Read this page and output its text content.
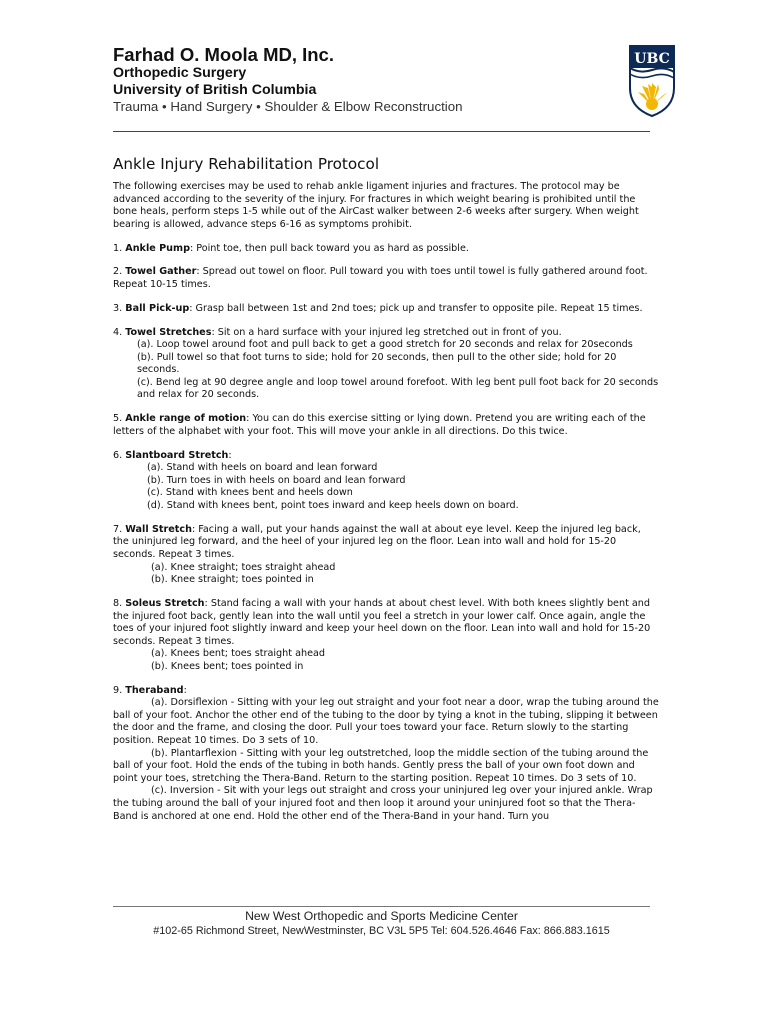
Farhad O. Moola MD, Inc.
Orthopedic Surgery
University of British Columbia
Trauma • Hand Surgery • Shoulder & Elbow Reconstruction
UBC
Ankle Injury Rehabilitation Protocol

The following exercises may be used to rehab ankle ligament injuries and fractures. The protocol may be advanced according to the severity of the injury. For fractures in which weight bearing is prohibited until the bone heals, perform steps 1-5 while out of the AirCast walker between 2-6 weeks after surgery. When weight bearing is allowed, advance steps 6-16 as symptoms prohibit.

1. Ankle Pump: Point toe, then pull back toward you as hard as possible.

2. Towel Gather: Spread out towel on floor. Pull toward you with toes until towel is fully gathered around foot. Repeat 10-15 times.

3. Ball Pick-up: Grasp ball between 1st and 2nd toes; pick up and transfer to opposite pile. Repeat 15 times.

4. Towel Stretches: Sit on a hard surface with your injured leg stretched out in front of you.
(a). Loop towel around foot and pull back to get a good stretch for 20 seconds and relax for 20seconds
(b). Pull towel so that foot turns to side; hold for 20 seconds, then pull to the other side; hold for 20 seconds.

(c). Bend leg at 90 degree angle and loop towel around forefoot. With leg bent pull foot back for 20 seconds and relax for 20 seconds.

5. Ankle range of motion: You can do this exercise sitting or lying down. Pretend you are writing each of the letters of the alphabet with your foot. This will move your ankle in all directions. Do this twice.

6. Slantboard Stretch:
(a). Stand with heels on board and lean forward
(b). Turn toes in with heels on board and lean forward
(c). Stand with knees bent and heels down

(d). Stand with knees bent, point toes inward and keep heels down on board.

7. Wall Stretch: Facing a wall, put your hands against the wall at about eye level. Keep the injured leg back, the uninjured leg forward, and the heel of your injured leg on the floor. Lean into wall and hold for 15-20 seconds. Repeat 3 times.
(a). Knee straight; toes straight ahead

(b). Knee straight; toes pointed in

8. Soleus Stretch: Stand facing a wall with your hands at about chest level. With both knees slightly bent and the injured foot back, gently lean into the wall until you feel a stretch in your lower calf. Once again, angle the toes of your injured foot slightly inward and keep your heel down on the floor. Lean into wall and hold for 15-20 seconds. Repeat 3 times.
(a). Knees bent; toes straight ahead

(b). Knees bent; toes pointed in

9. Theraband:
(a). Dorsiflexion - Sitting with your leg out straight and your foot near a door, wrap the tubing around the ball of your foot. Anchor the other end of the tubing to the door by tying a knot in the tubing, slipping it between the door and the frame, and closing the door. Pull your toes toward your face. Return slowly to the starting position. Repeat 10 times. Do 3 sets of 10.
(b). Plantarflexion - Sitting with your leg outstretched, loop the middle section of the tubing around the ball of your foot. Hold the ends of the tubing in both hands. Gently press the ball of your own foot down and point your toes, stretching the Thera-Band. Return to the starting position. Repeat 10 times. Do 3 sets of 10.
(c). Inversion - Sit with your legs out straight and cross your uninjured leg over your injured ankle. Wrap the tubing around the ball of your injured foot and then loop it around your uninjured foot so that the Thera-Band is anchored at one end. Hold the other end of the Thera-Band in your hand. Turn you
New West Orthopedic and Sports Medicine Center
#102-65 Richmond Street, NewWestminster, BC V3L 5P5 Tel: 604.526.4646 Fax: 866.883.1615
